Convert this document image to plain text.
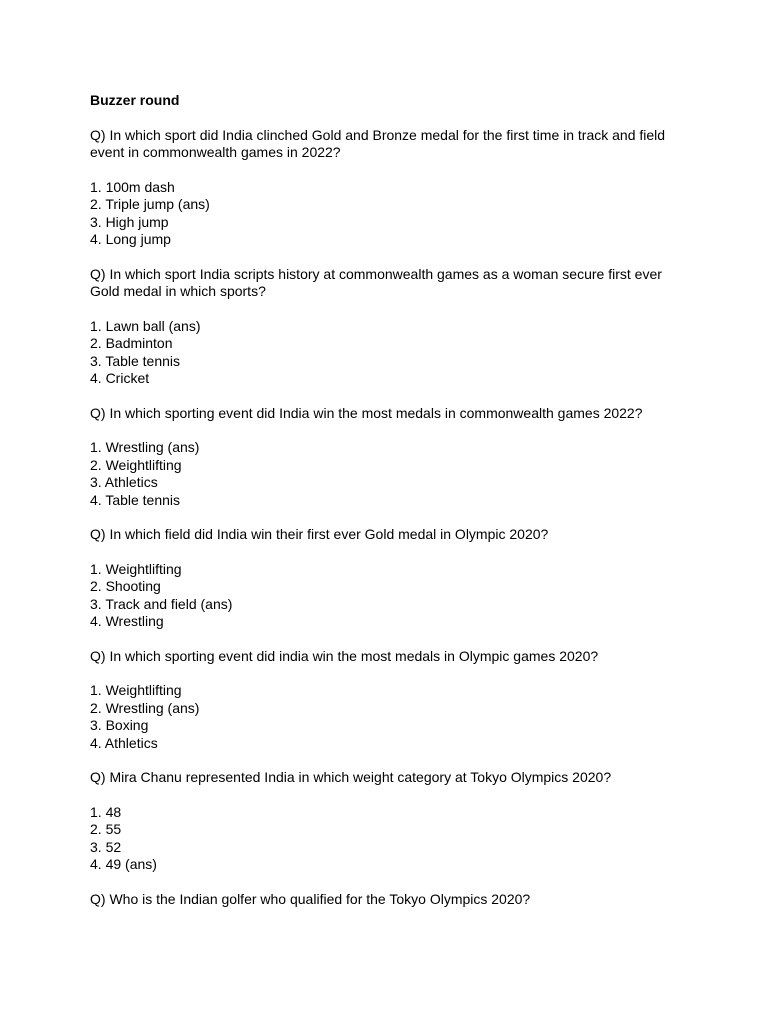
Buzzer round

Q) In which sport did India clinched Gold and Bronze medal for the first time in track and field event in commonwealth games in 2022?

1. 100m dash
2. Triple jump (ans)
3. High jump
4. Long jump

Q) In which sport India scripts history at commonwealth games as a woman secure first ever Gold medal in which sports?

1. Lawn ball (ans)
2. Badminton
3. Table tennis
4. Cricket

Q) In which sporting event did India win the most medals in commonwealth games 2022?

1. Wrestling (ans)
2. Weightlifting
3. Athletics
4. Table tennis

Q) In which field did India win their first ever Gold medal in Olympic 2020?

1. Weightlifting
2. Shooting
3. Track and field (ans)
4. Wrestling

Q) In which sporting event did india win the most medals in Olympic games 2020?

1. Weightlifting
2. Wrestling (ans)
3. Boxing
4. Athletics

Q) Mira Chanu represented India in which weight category at Tokyo Olympics 2020?

1. 48
2. 55
3. 52
4. 49 (ans)

Q) Who is the Indian golfer who qualified for the Tokyo Olympics 2020?
